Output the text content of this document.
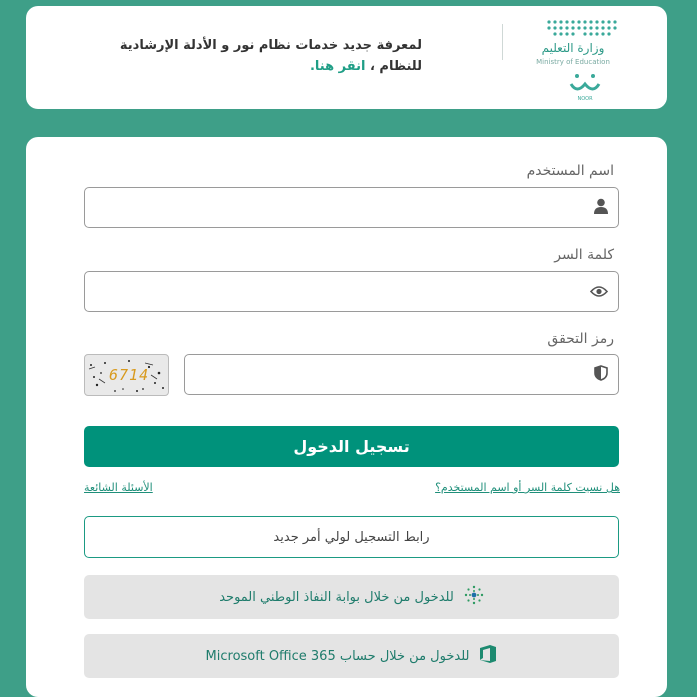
وزارة التعليم
Ministry of Education
NOOR
لمعرفة جديد خدمات نظام نور و الأدلة الإرشادية
للنظام ، انقر هنا.
اسم المستخدم
كلمة السر
رمز التحقق
6714
تسجيل الدخول
هل نسيت كلمة السر أو اسم المستخدم؟
الأسئلة الشائعة
رابط التسجيل لولي أمر جديد
للدخول من خلال بوابة النفاذ الوطني الموحد
للدخول من خلال حساب Microsoft Office 365
